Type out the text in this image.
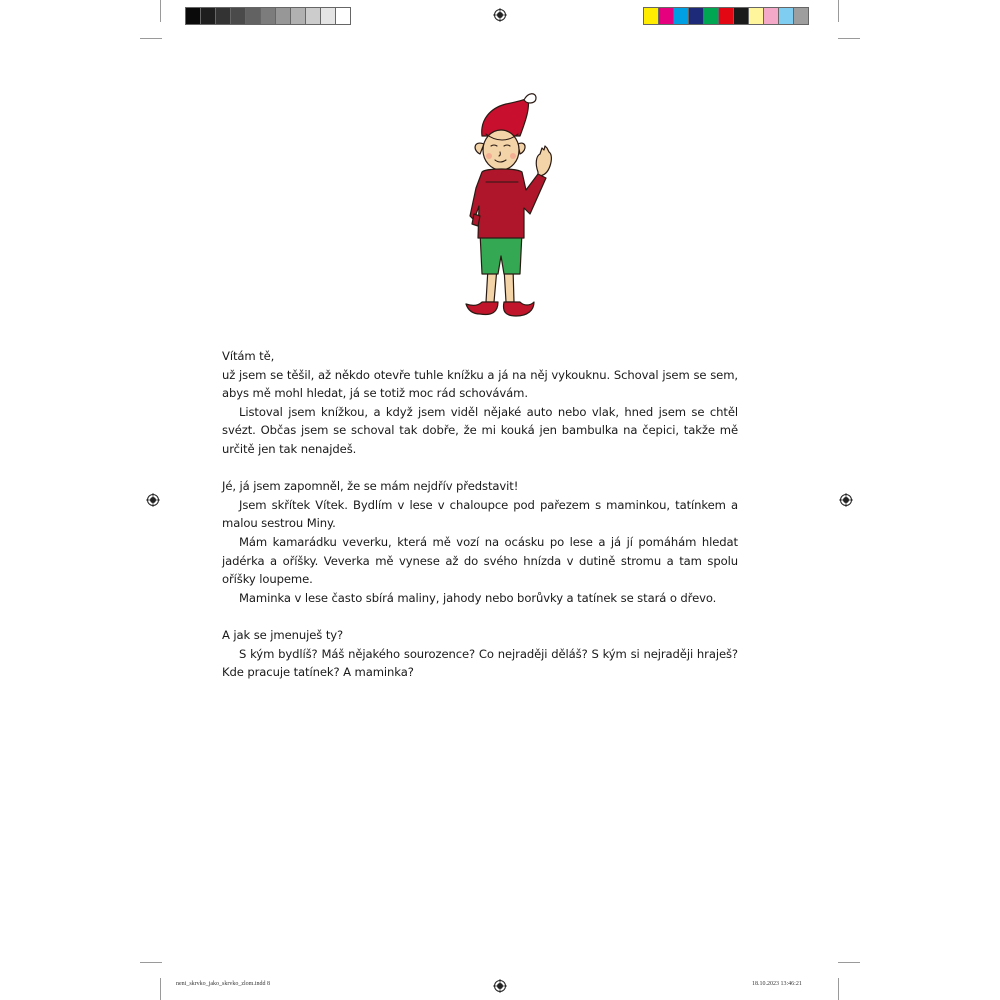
Vítám tě,

už jsem se těšil, až někdo otevře tuhle knížku a já na něj vykouknu. Schoval jsem se sem, abys mě mohl hledat, já se totiž moc rád schovávám.

Listoval jsem knížkou, a když jsem viděl nějaké auto nebo vlak, hned jsem se chtěl svézt. Občas jsem se schoval tak dobře, že mi kouká jen bambulka na čepici, takže mě určitě jen tak nenajdeš.

Jé, já jsem zapomněl, že se mám nejdřív představit!

Jsem skřítek Vítek. Bydlím v lese v chaloupce pod pařezem s maminkou, tatínkem a malou sestrou Miny.

Mám kamarádku veverku, která mě vozí na ocásku po lese a já jí pomáhám hledat jadérka a oříšky. Veverka mě vynese až do svého hnízda v dutině stromu a tam spolu oříšky loupeme.

Maminka v lese často sbírá maliny, jahody nebo borůvky a tatínek se stará o dřevo.

A jak se jmenuješ ty?

S kým bydlíš? Máš nějakého sourozence? Co nejraději děláš? S kým si nejraději hraješ? Kde pracuje tatínek? A maminka?

neni_skrvko_jako_skrvko_zlom.indd 8	18.10.2023 13:46:21
